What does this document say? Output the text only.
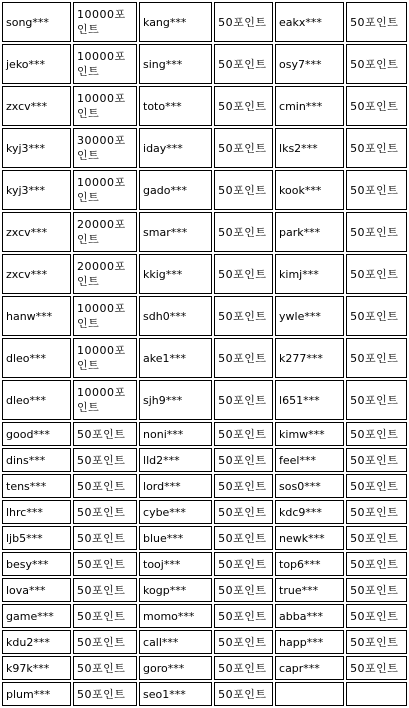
song***	10000포인트	kang***	50포인트	eakx***	50포인트
jeko***	10000포인트	sing***	50포인트	osy7***	50포인트
zxcv***	10000포인트	toto***	50포인트	cmin***	50포인트
kyj3***	30000포인트	iday***	50포인트	lks2***	50포인트
kyj3***	10000포인트	gado***	50포인트	kook***	50포인트
zxcv***	20000포인트	smar***	50포인트	park***	50포인트
zxcv***	20000포인트	kkig***	50포인트	kimj***	50포인트
hanw***	10000포인트	sdh0***	50포인트	ywle***	50포인트
dleo***	10000포인트	ake1***	50포인트	k277***	50포인트
dleo***	10000포인트	sjh9***	50포인트	l651***	50포인트
good***	50포인트	noni***	50포인트	kimw***	50포인트
dins***	50포인트	lld2***	50포인트	feel***	50포인트
tens***	50포인트	lord***	50포인트	sos0***	50포인트
lhrc***	50포인트	cybe***	50포인트	kdc9***	50포인트
ljb5***	50포인트	blue***	50포인트	newk***	50포인트
besy***	50포인트	tooj***	50포인트	top6***	50포인트
lova***	50포인트	kogp***	50포인트	true***	50포인트
game***	50포인트	momo***	50포인트	abba***	50포인트
kdu2***	50포인트	call***	50포인트	happ***	50포인트
k97k***	50포인트	goro***	50포인트	capr***	50포인트
plum***	50포인트	seo1***	50포인트		
